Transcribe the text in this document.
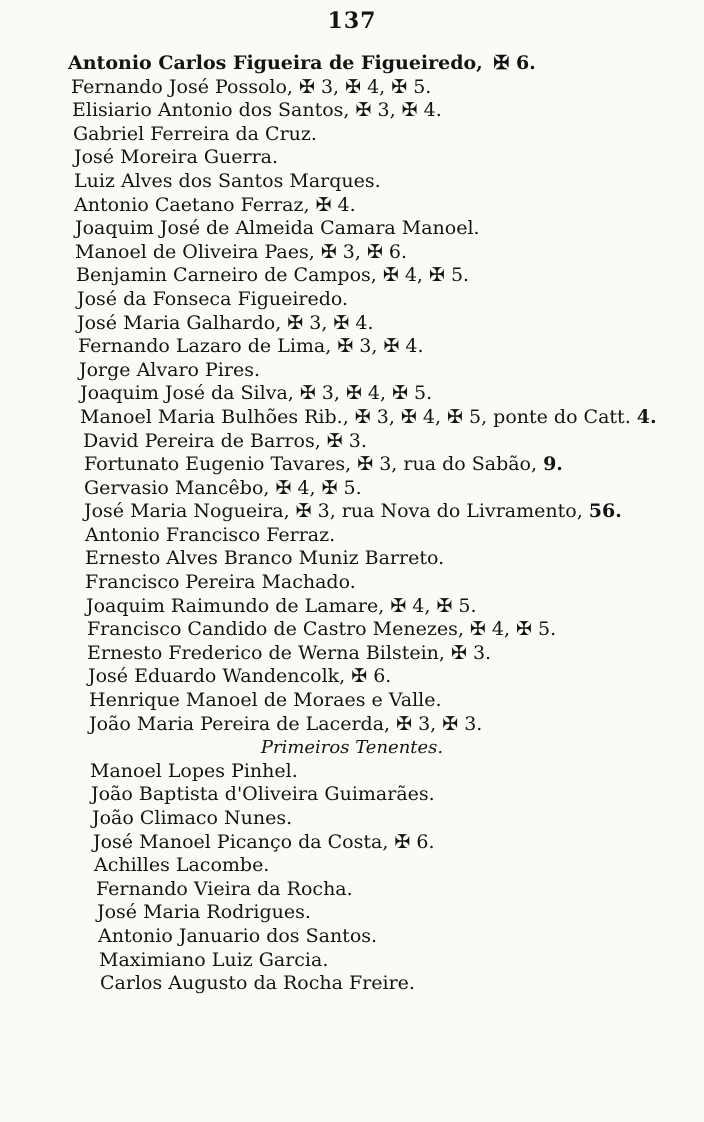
137
Antonio Carlos Figueira de Figueiredo, ✠ 6.
Fernando José Possolo, ✠ 3, ✠ 4, ✠ 5.
Elisiario Antonio dos Santos, ✠ 3, ✠ 4.
Gabriel Ferreira da Cruz.
José Moreira Guerra.
Luiz Alves dos Santos Marques.
Antonio Caetano Ferraz, ✠ 4.
Joaquim José de Almeida Camara Manoel.
Manoel de Oliveira Paes, ✠ 3, ✠ 6.
Benjamin Carneiro de Campos, ✠ 4, ✠ 5.
José da Fonseca Figueiredo.
José Maria Galhardo, ✠ 3, ✠ 4.
Fernando Lazaro de Lima, ✠ 3, ✠ 4.
Jorge Alvaro Pires.
Joaquim José da Silva, ✠ 3, ✠ 4, ✠ 5.
Manoel Maria Bulhões Rib., ✠ 3, ✠ 4, ✠ 5, ponte do Catt. 4.
David Pereira de Barros, ✠ 3.
Fortunato Eugenio Tavares, ✠ 3, rua do Sabão, 9.
Gervasio Mancêbo, ✠ 4, ✠ 5.
José Maria Nogueira, ✠ 3, rua Nova do Livramento, 56.
Antonio Francisco Ferraz.
Ernesto Alves Branco Muniz Barreto.
Francisco Pereira Machado.
Joaquim Raimundo de Lamare, ✠ 4, ✠ 5.
Francisco Candido de Castro Menezes, ✠ 4, ✠ 5.
Ernesto Frederico de Werna Bilstein, ✠ 3.
José Eduardo Wandencolk, ✠ 6.
Henrique Manoel de Moraes e Valle.
João Maria Pereira de Lacerda, ✠ 3, ✠ 3.
Primeiros Tenentes.
Manoel Lopes Pinhel.
João Baptista d'Oliveira Guimarães.
João Climaco Nunes.
José Manoel Picanço da Costa, ✠ 6.
Achilles Lacombe.
Fernando Vieira da Rocha.
José Maria Rodrigues.
Antonio Januario dos Santos.
Maximiano Luiz Garcia.
Carlos Augusto da Rocha Freire.
